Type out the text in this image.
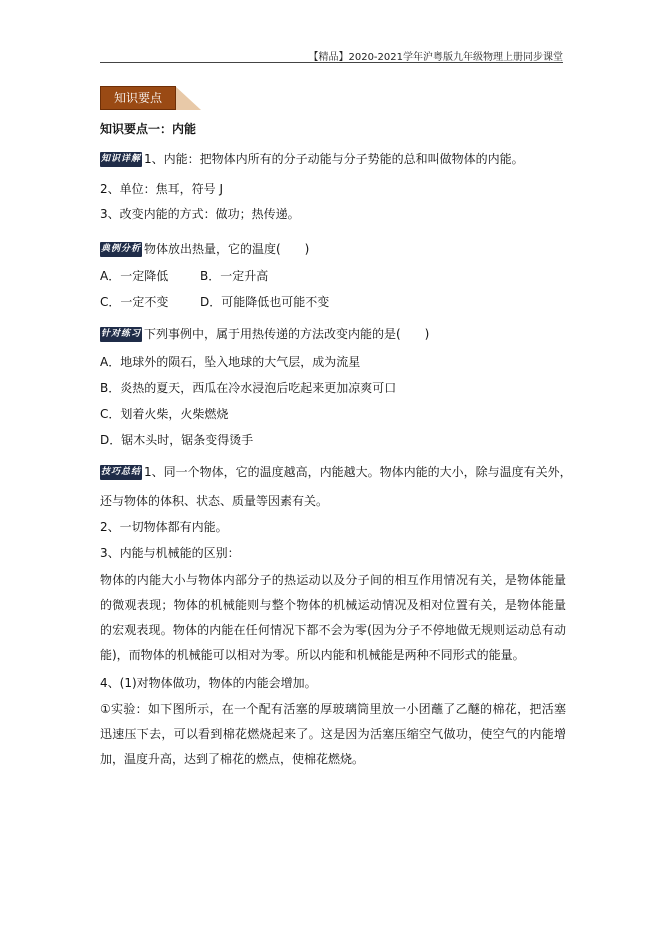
【精品】2020-2021学年沪粤版九年级物理上册同步课堂
知识要点
知识要点一：内能
知识详解 1、内能：把物体内所有的分子动能与分子势能的总和叫做物体的内能。
2、单位：焦耳，符号 J
3、改变内能的方式：做功；热传递。
典例分析 物体放出热量，它的温度(　　)
A．一定降低	B．一定升高
C．一定不变	D．可能降低也可能不变
针对练习 下列事例中，属于用热传递的方法改变内能的是(　　)
A．地球外的陨石，坠入地球的大气层，成为流星
B．炎热的夏天，西瓜在冷水浸泡后吃起来更加凉爽可口
C．划着火柴，火柴燃烧
D．锯木头时，锯条变得烫手
技巧总结 1、同一个物体，它的温度越高，内能越大。物体内能的大小，除与温度有关外，
还与物体的体积、状态、质量等因素有关。
2、一切物体都有内能。
3、内能与机械能的区别：
物体的内能大小与物体内部分子的热运动以及分子间的相互作用情况有关，是物体能量的微观表现；物体的机械能则与整个物体的机械运动情况及相对位置有关，是物体能量的宏观表现。物体的内能在任何情况下都不会为零(因为分子不停地做无规则运动总有动能)，而物体的机械能可以相对为零。所以内能和机械能是两种不同形式的能量。
4、(1)对物体做功，物体的内能会增加。
①实验：如下图所示，在一个配有活塞的厚玻璃筒里放一小团蘸了乙醚的棉花，把活塞迅速压下去，可以看到棉花燃烧起来了。这是因为活塞压缩空气做功，使空气的内能增加，温度升高，达到了棉花的燃点，使棉花燃烧。
